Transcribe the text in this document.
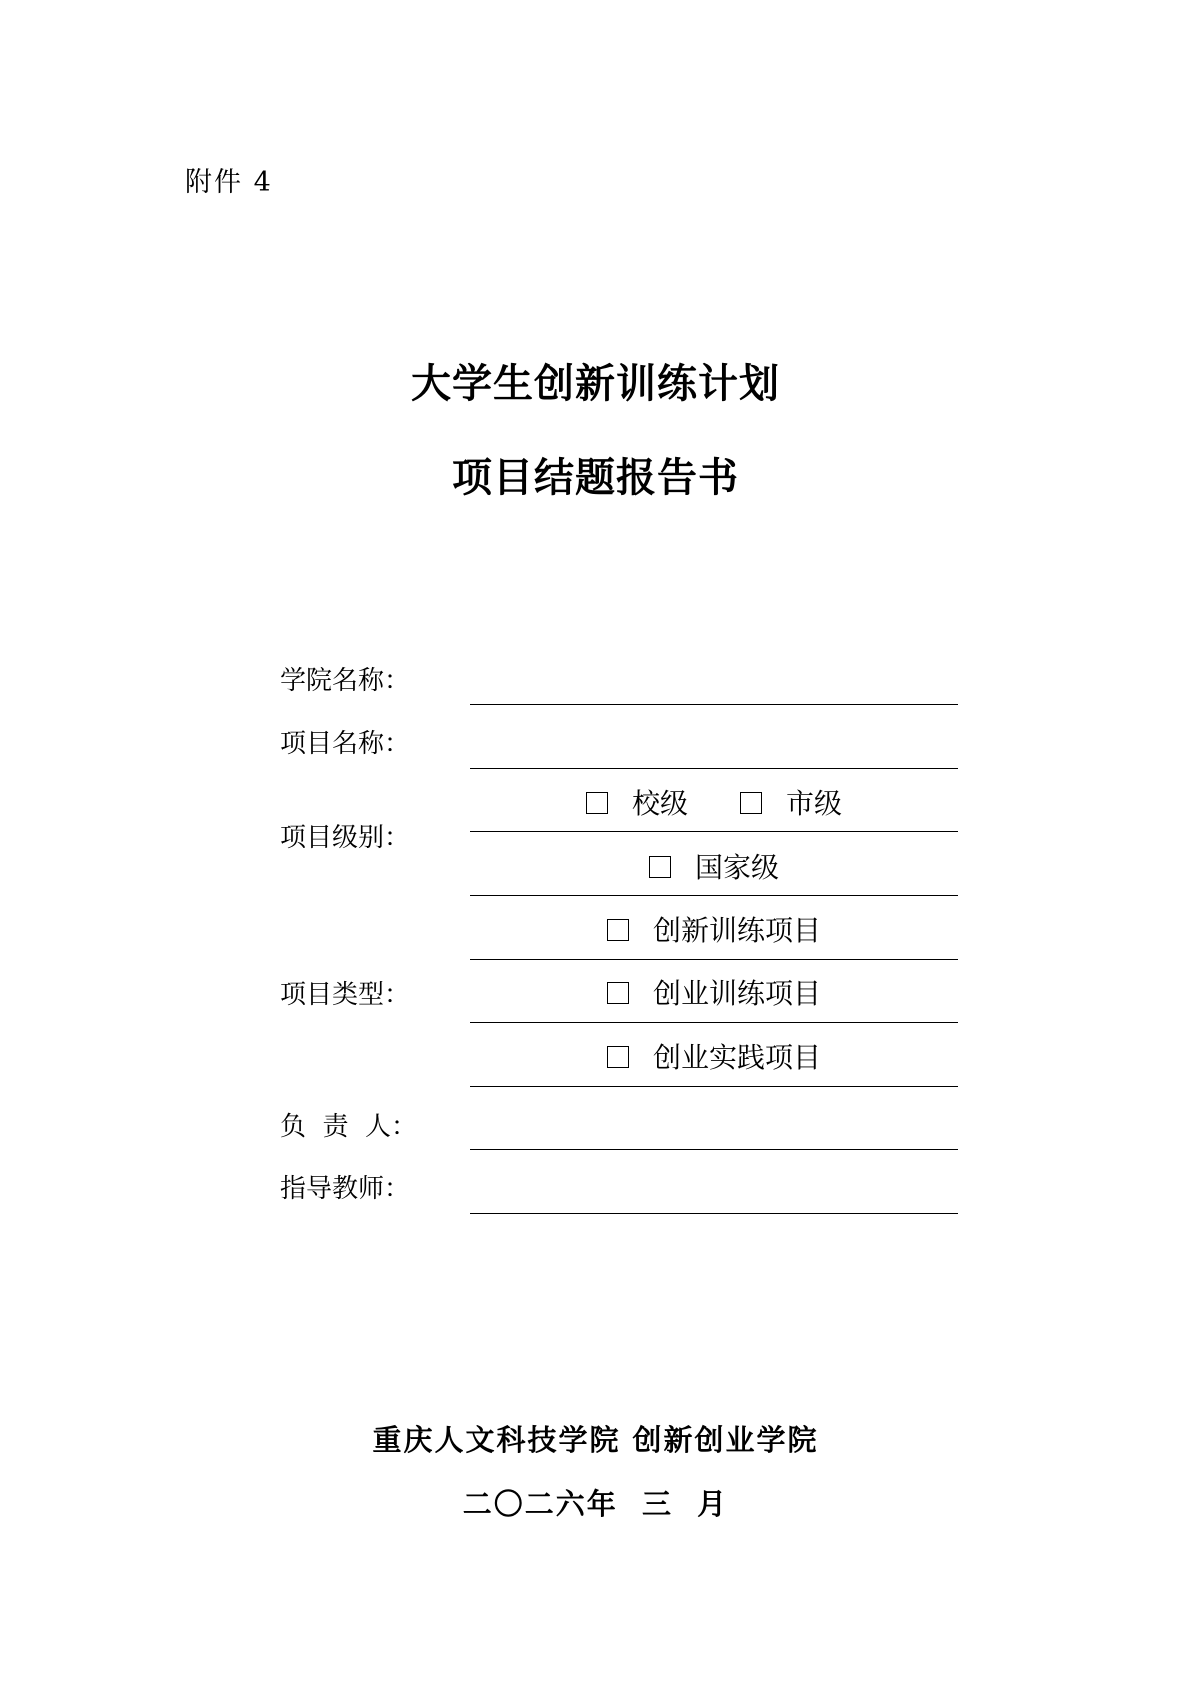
附件 4
大学生创新训练计划
项目结题报告书
学院名称：
项目名称：
项目级别：
校级	市级
国家级
创新训练项目
项目类型：	创业训练项目
创业实践项目
负  责  人：
指导教师：
重庆人文科技学院 创新创业学院
二〇二六年  三  月
